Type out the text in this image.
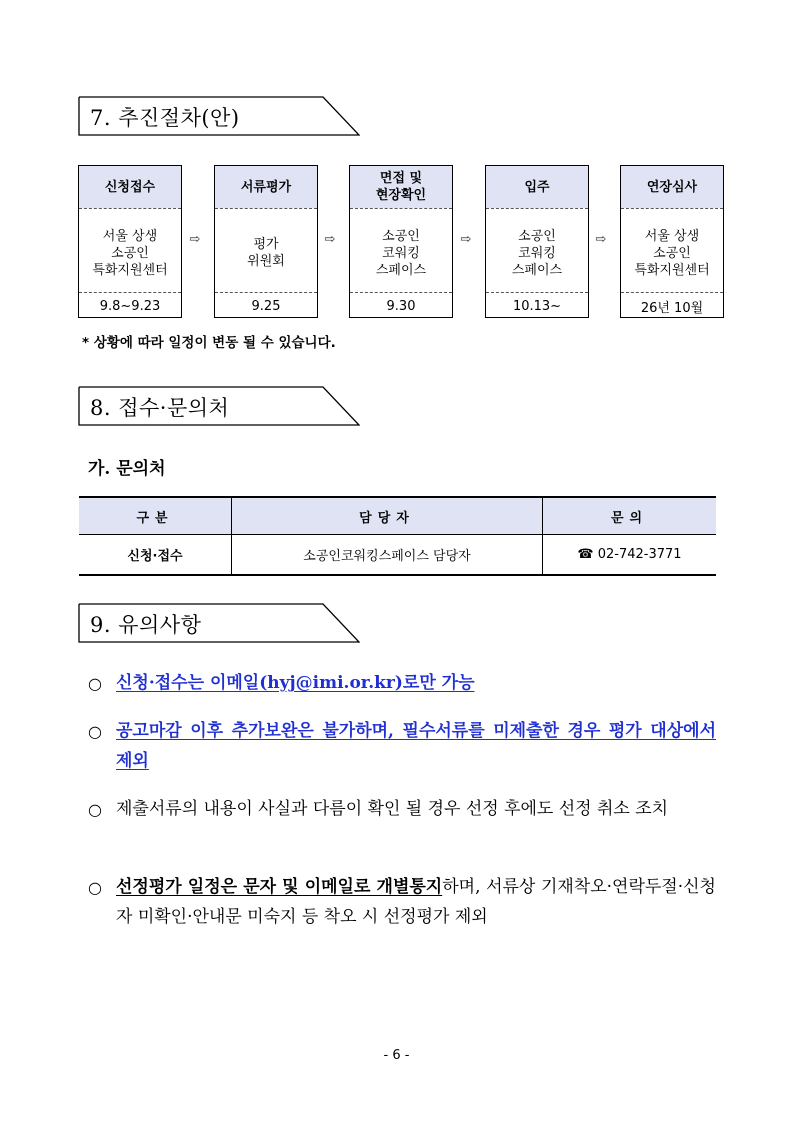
7. 추진절차(안)
신청접수
서울 상생
소공인
특화지원센터
9.8~9.23
⇨
서류평가
평가
위원회
9.25
⇨
면접 및
현장확인
소공인
코워킹
스페이스
9.30
⇨
입주
소공인
코워킹
스페이스
10.13~
⇨
연장심사
서울 상생
소공인
특화지원센터
26년 10월
* 상황에 따라 일정이 변동 될 수 있습니다.
8. 접수·문의처
가. 문의처
구분	담당자	문의
신청·접수	소공인코워킹스페이스 담당자	☎ 02-742-3771
9. 유의사항
○ 신청·접수는 이메일(hyj@imi.or.kr)로만 가능
○ 공고마감 이후 추가보완은 불가하며, 필수서류를 미제출한 경우 평가 대상에서 제외
○ 제출서류의 내용이 사실과 다름이 확인 될 경우 선정 후에도 선정 취소 조치
○ 선정평가 일정은 문자 및 이메일로 개별통지하며, 서류상 기재착오·연락두절·신청자 미확인·안내문 미숙지 등 착오 시 선정평가 제외
- 6 -
